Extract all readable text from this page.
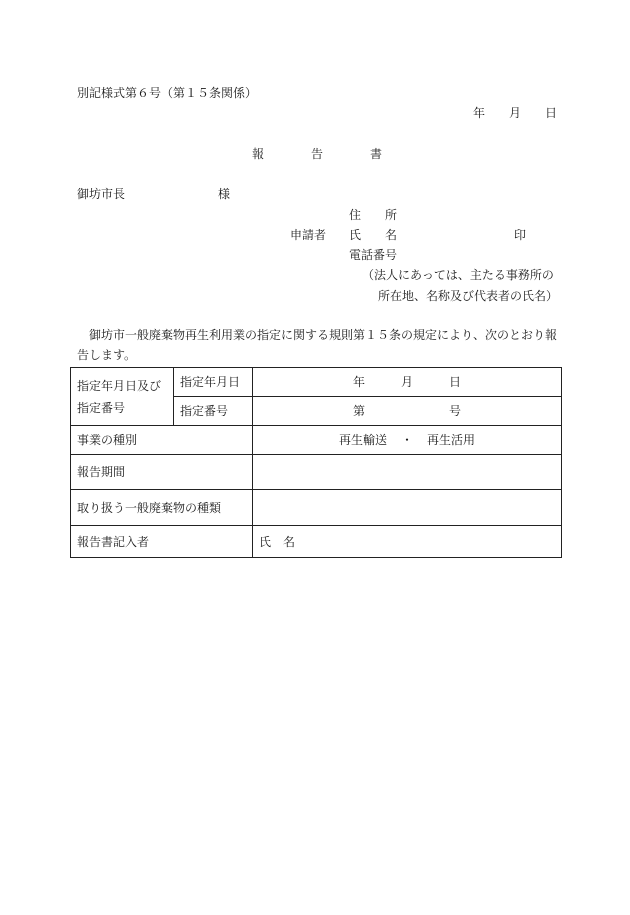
別記様式第６号（第１５条関係）
年 月 日
報	告	書
御坊市長	様
住 所
申請者 氏 名	印
電話番号
（法人にあっては、主たる事務所の
所在地、名称及び代表者の氏名）
御坊市一般廃棄物再生利用業の指定に関する規則第１５条の規定により、次のとおり報
告します。
指定年月日及び
指定番号	指定年月日	年 月 日
	指定番号	第 号
事業の種別		再生輸送 ・ 再生活用
報告期間		
取り扱う一般廃棄物の種類		
報告書記入者		氏 名
